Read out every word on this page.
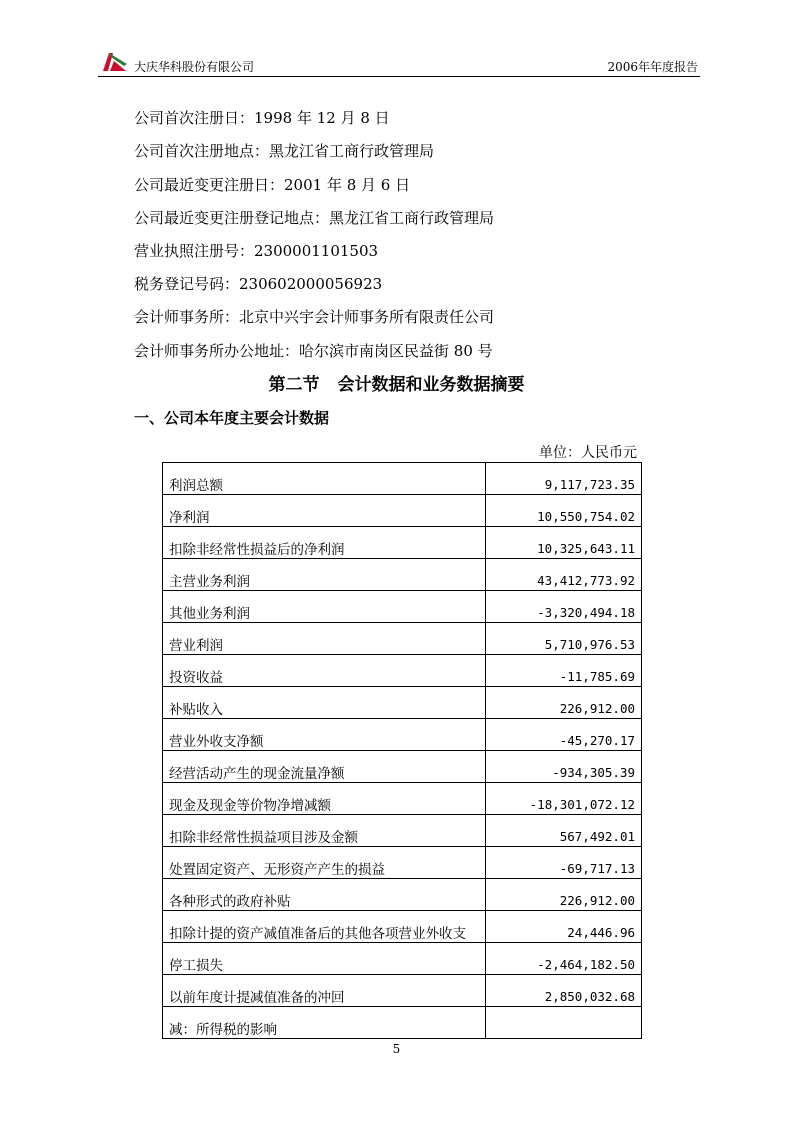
大庆华科股份有限公司	2006年年度报告
公司首次注册日：1998 年 12 月 8 日
公司首次注册地点：黑龙江省工商行政管理局
公司最近变更注册日：2001 年 8 月 6 日
公司最近变更注册登记地点：黑龙江省工商行政管理局
营业执照注册号：2300001101503
税务登记号码：230602000056923
会计师事务所：北京中兴宇会计师事务所有限责任公司
会计师事务所办公地址：哈尔滨市南岗区民益街 80 号
第二节 会计数据和业务数据摘要
一、公司本年度主要会计数据
单位：人民币元
利润总额	9,117,723.35
净利润	10,550,754.02
扣除非经常性损益后的净利润	10,325,643.11
主营业务利润	43,412,773.92
其他业务利润	-3,320,494.18
营业利润	5,710,976.53
投资收益	-11,785.69
补贴收入	226,912.00
营业外收支净额	-45,270.17
经营活动产生的现金流量净额	-934,305.39
现金及现金等价物净增减额	-18,301,072.12
扣除非经常性损益项目涉及金额	567,492.01
处置固定资产、无形资产产生的损益	-69,717.13
各种形式的政府补贴	226,912.00
扣除计提的资产减值准备后的其他各项营业外收支	24,446.96
停工损失	-2,464,182.50
以前年度计提减值准备的冲回	2,850,032.68
减：所得税的影响	
5
